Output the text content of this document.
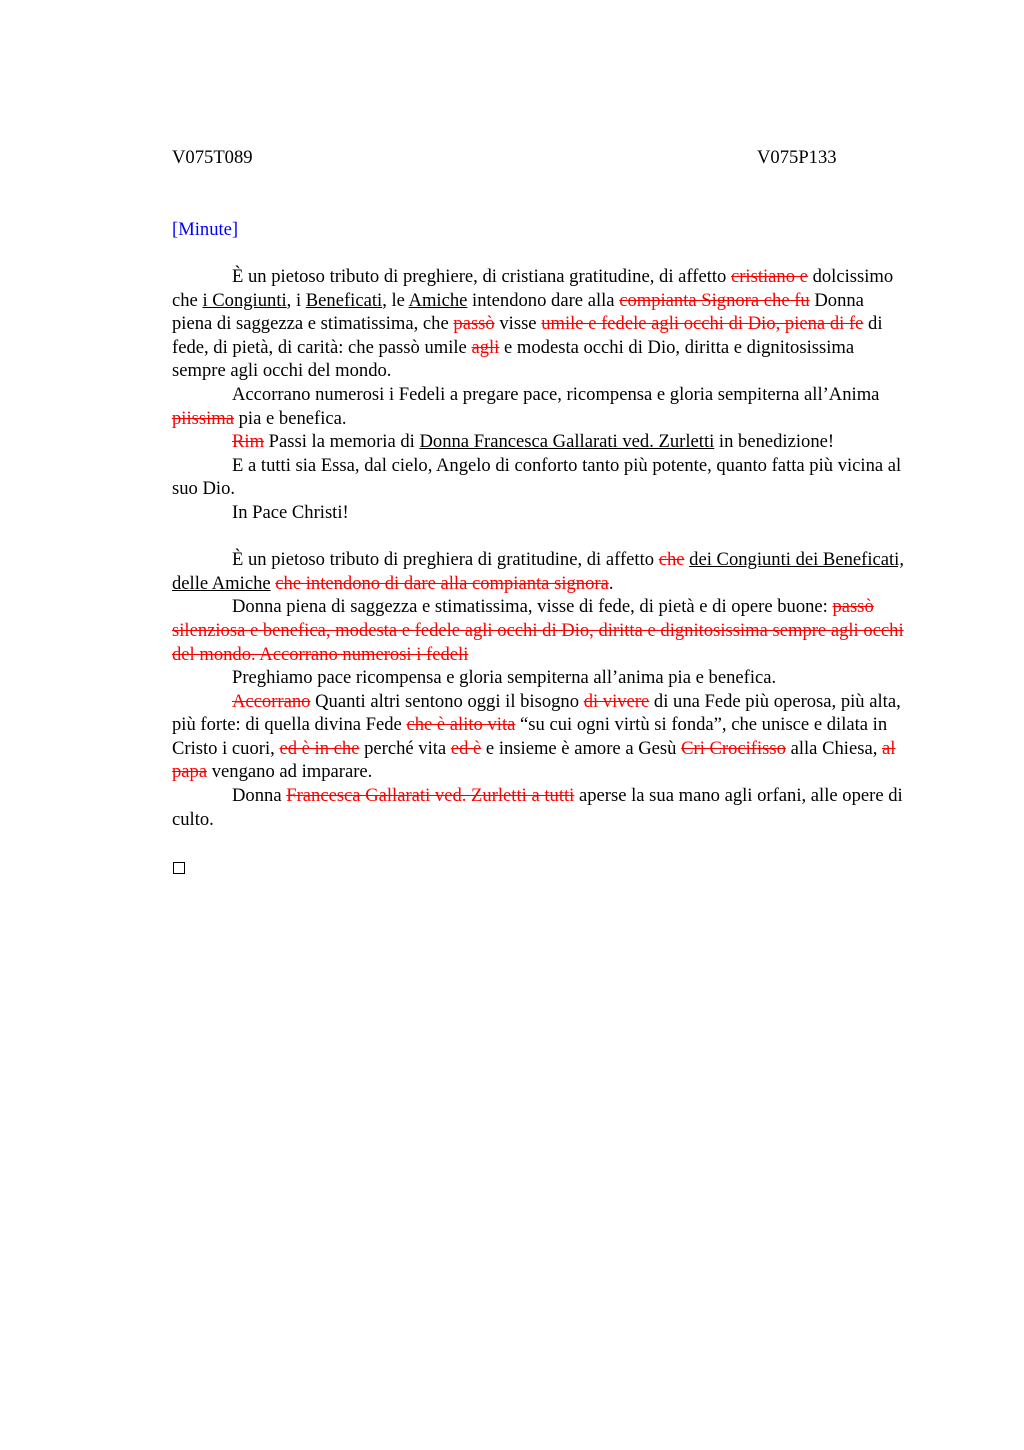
V075T089	V075P133
[Minute]

È un pietoso tributo di preghiere, di cristiana gratitudine, di affetto cristiano e dolcissimo che i Congiunti, i Beneficati, le Amiche intendono dare alla compianta Signora che fu Donna piena di saggezza e stimatissima, che passò visse umile e fedele agli occhi di Dio, piena di fe di fede, di pietà, di carità: che passò umile agli e modesta occhi di Dio, diritta e dignitosissima sempre agli occhi del mondo.

Accorrano numerosi i Fedeli a pregare pace, ricompensa e gloria sempiterna all’Anima piissima pia e benefica.

Rim Passi la memoria di Donna Francesca Gallarati ved. Zurletti in benedizione!

E a tutti sia Essa, dal cielo, Angelo di conforto tanto più potente, quanto fatta più vicina al suo Dio.

In Pace Christi!

È un pietoso tributo di preghiera di gratitudine, di affetto che dei Congiunti dei Beneficati, delle Amiche che intendono di dare alla compianta signora.

Donna piena di saggezza e stimatissima, visse di fede, di pietà e di opere buone: passò silenziosa e benefica, modesta e fedele agli occhi di Dio, diritta e dignitosissima sempre agli occhi del mondo. Accorrano numerosi i fedeli

Preghiamo pace ricompensa e gloria sempiterna all’anima pia e benefica.

Accorrano Quanti altri sentono oggi il bisogno di vivere di una Fede più operosa, più alta, più forte: di quella divina Fede che è alito vita “su cui ogni virtù si fonda”, che unisce e dilata in Cristo i cuori, ed è in che perché vita ed è e insieme è amore a Gesù Cri Crocifisso alla Chiesa, al papa vengano ad imparare.

Donna Francesca Gallarati ved. Zurletti a tutti aperse la sua mano agli orfani, alle opere di culto.
